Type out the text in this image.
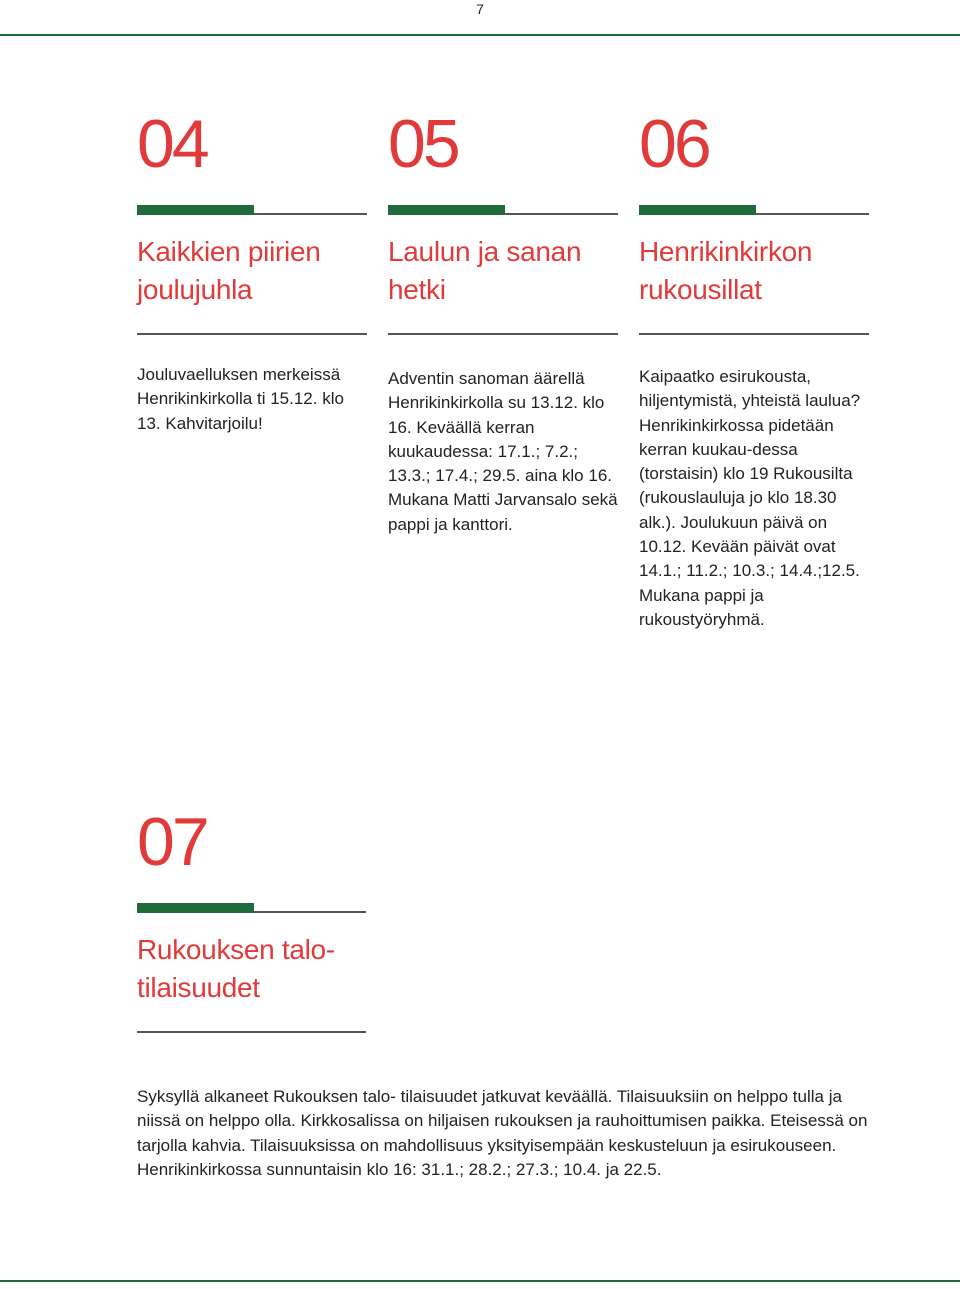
7
04
Kaikkien piirien joulujuhla
Jouluvaelluksen merkeissä Henrikinkirkolla ti 15.12. klo 13. Kahvitarjoilu!
05
Laulun ja sanan hetki
Adventin sanoman äärellä Henrikinkirkolla su 13.12. klo 16. Keväällä kerran kuukaudessa: 17.1.; 7.2.; 13.3.; 17.4.; 29.5. aina klo 16. Mukana Matti Jarvansalo sekä pappi ja kanttori.
06
Henrikinkirkon rukousillat
Kaipaatko esirukousta, hiljentymistä, yhteistä laulua? Henrikinkirkossa pidetään kerran kuukau-dessa (torstaisin) klo 19 Rukousilta (rukouslauluja jo klo 18.30 alk.). Joulukuun päivä on 10.12. Kevään päivät ovat 14.1.; 11.2.; 10.3.; 14.4.;12.5. Mukana pappi ja rukoustyöryhmä.
07
Rukouksen talo-tilaisuudet
Syksyllä alkaneet Rukouksen talo- tilaisuudet jatkuvat keväällä. Tilaisuuksiin on helppo tulla ja niissä on helppo olla. Kirkkosalissa on hiljaisen rukouksen ja rauhoittumisen paikka. Eteisessä on tarjolla kahvia. Tilaisuuksissa on mahdollisuus yksityisempään keskusteluun ja esirukouseen. Henrikinkirkossa sunnuntaisin klo 16: 31.1.; 28.2.; 27.3.; 10.4. ja 22.5.
